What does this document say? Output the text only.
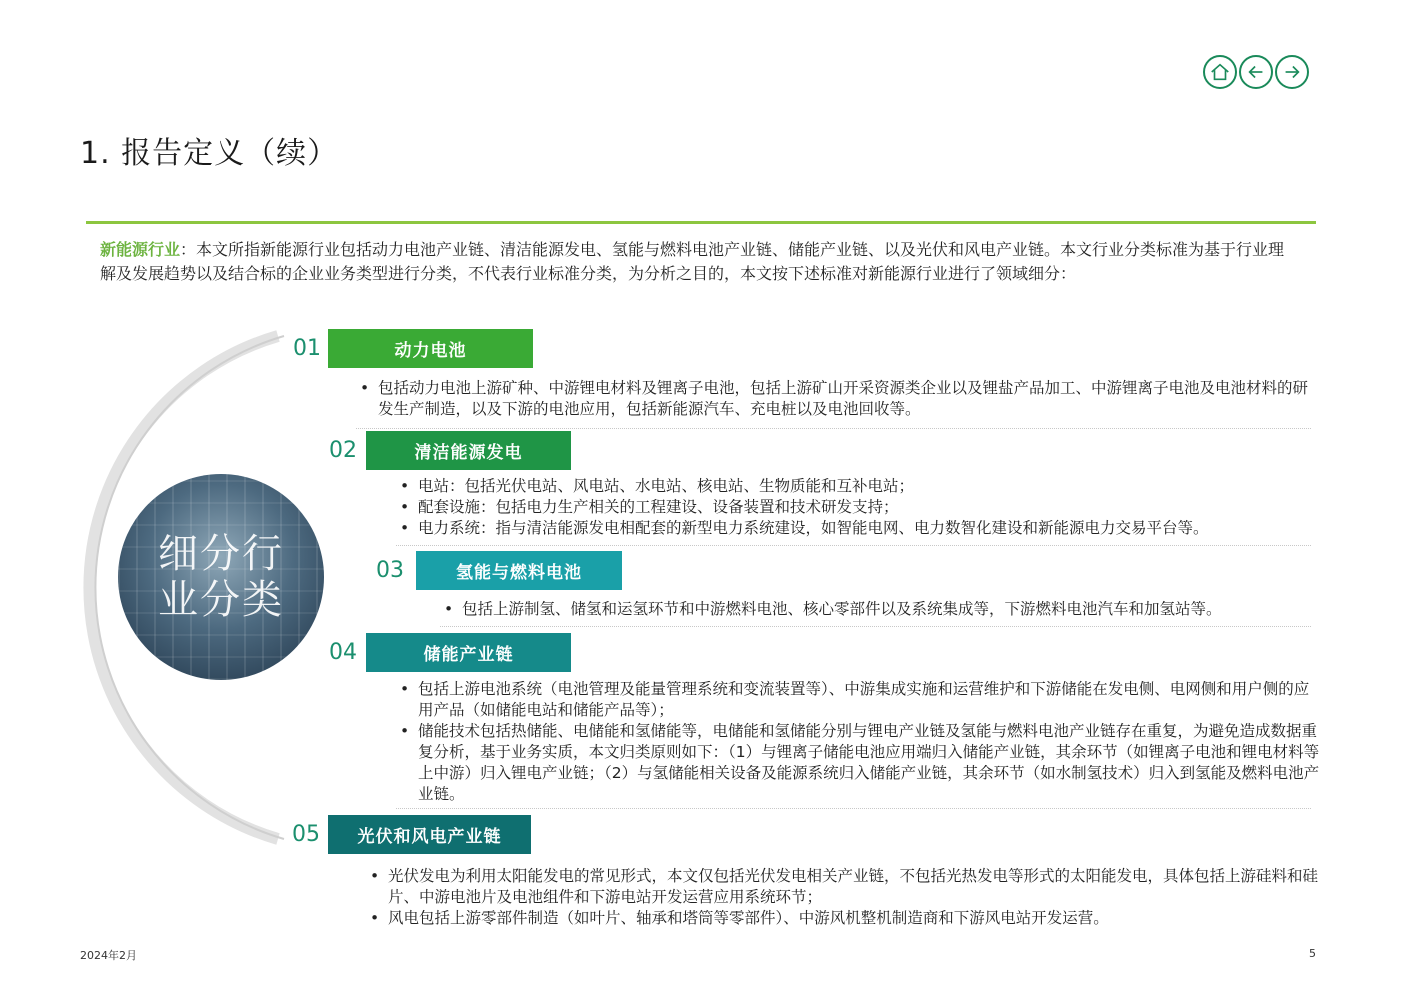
1. 报告定义（续）
新能源行业：本文所指新能源行业包括动力电池产业链、清洁能源发电、氢能与燃料电池产业链、储能产业链、以及光伏和风电产业链。本文行业分类标准为基于行业理解及发展趋势以及结合标的企业业务类型进行分类，不代表行业标准分类，为分析之目的，本文按下述标准对新能源行业进行了领域细分：
细分行业分类
01	动力电池
• 包括动力电池上游矿种、中游锂电材料及锂离子电池，包括上游矿山开采资源类企业以及锂盐产品加工、中游锂离子电池及电池材料的研发生产制造，以及下游的电池应用，包括新能源汽车、充电桩以及电池回收等。
02	清洁能源发电
• 电站：包括光伏电站、风电站、水电站、核电站、生物质能和互补电站；
• 配套设施：包括电力生产相关的工程建设、设备装置和技术研发支持；
• 电力系统：指与清洁能源发电相配套的新型电力系统建设，如智能电网、电力数智化建设和新能源电力交易平台等。
03	氢能与燃料电池
• 包括上游制氢、储氢和运氢环节和中游燃料电池、核心零部件以及系统集成等，下游燃料电池汽车和加氢站等。
04	储能产业链
• 包括上游电池系统（电池管理及能量管理系统和变流装置等）、中游集成实施和运营维护和下游储能在发电侧、电网侧和用户侧的应用产品（如储能电站和储能产品等）；
• 储能技术包括热储能、电储能和氢储能等，电储能和氢储能分别与锂电产业链及氢能与燃料电池产业链存在重复，为避免造成数据重复分析，基于业务实质，本文归类原则如下：（1）与锂离子储能电池应用端归入储能产业链，其余环节（如锂离子电池和锂电材料等上中游）归入锂电产业链；（2）与氢储能相关设备及能源系统归入储能产业链，其余环节（如水制氢技术）归入到氢能及燃料电池产业链。
05	光伏和风电产业链
• 光伏发电为利用太阳能发电的常见形式，本文仅包括光伏发电相关产业链，不包括光热发电等形式的太阳能发电，具体包括上游硅料和硅片、中游电池片及电池组件和下游电站开发运营应用系统环节；
• 风电包括上游零部件制造（如叶片、轴承和塔筒等零部件）、中游风机整机制造商和下游风电站开发运营。
2024年2月	5
